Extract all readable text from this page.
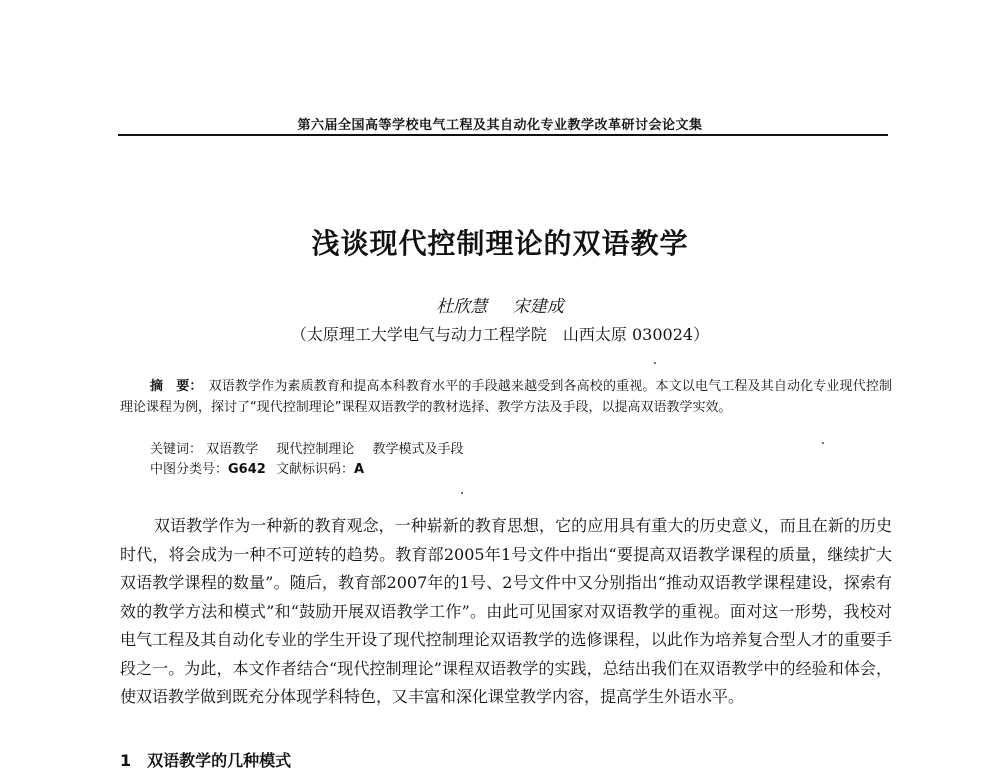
第六届全国高等学校电气工程及其自动化专业教学改革研讨会论文集
浅谈现代控制理论的双语教学
杜欣慧 宋建成
（太原理工大学电气与动力工程学院　山西太原 030024）
摘　要： 双语教学作为素质教育和提高本科教育水平的手段越来越受到各高校的重视。本文以电气工程及其自动化专业现代控制理论课程为例，探讨了“现代控制理论”课程双语教学的教材选择、教学方法及手段，以提高双语教学实效。
关键词： 双语教学 现代控制理论 教学模式及手段
中图分类号：G642 文献标识码：A

双语教学作为一种新的教育观念，一种崭新的教育思想，它的应用具有重大的历史意义，而且在新的历史时代，将会成为一种不可逆转的趋势。教育部2005年1号文件中指出“要提高双语教学课程的质量，继续扩大双语教学课程的数量”。随后，教育部2007年的1号、2号文件中又分别指出“推动双语教学课程建设，探索有效的教学方法和模式”和“鼓励开展双语教学工作”。由此可见国家对双语教学的重视。面对这一形势，我校对电气工程及其自动化专业的学生开设了现代控制理论双语教学的选修课程，以此作为培养复合型人才的重要手段之一。为此，本文作者结合“现代控制理论”课程双语教学的实践，总结出我们在双语教学中的经验和体会，使双语教学做到既充分体现学科特色，又丰富和深化课堂教学内容，提高学生外语水平。

1　双语教学的几种模式
